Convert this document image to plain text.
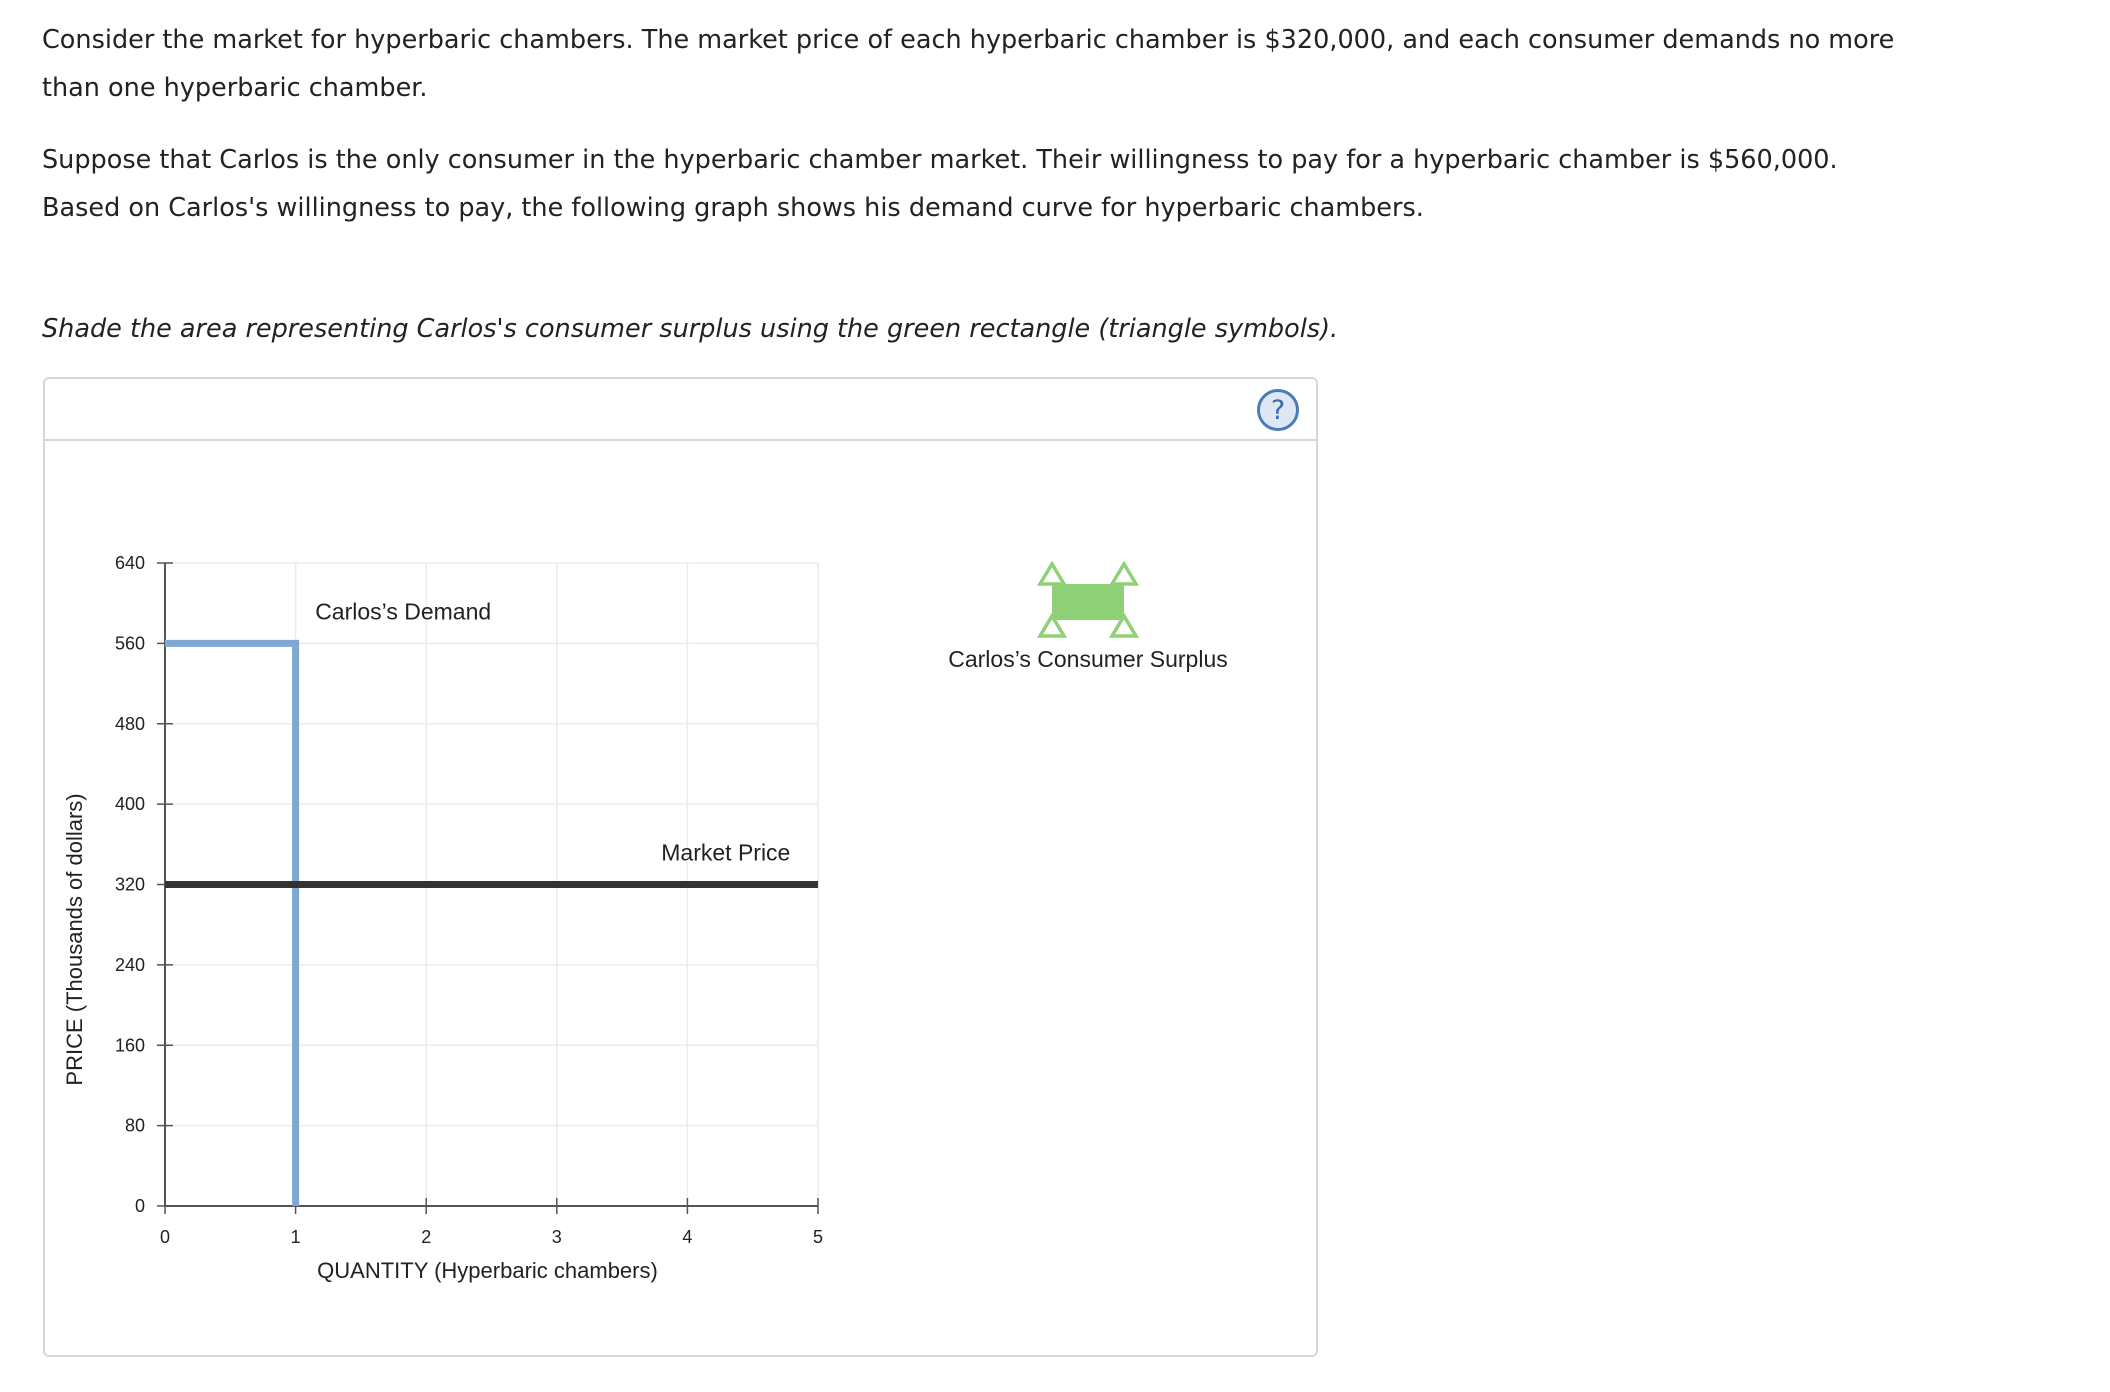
Consider the market for hyperbaric chambers. The market price of each hyperbaric chamber is $320,000, and each consumer demands no more than one hyperbaric chamber.

Suppose that Carlos is the only consumer in the hyperbaric chamber market. Their willingness to pay for a hyperbaric chamber is $560,000. Based on Carlos's willingness to pay, the following graph shows his demand curve for hyperbaric chambers.

Shade the area representing Carlos's consumer surplus using the green rectangle (triangle symbols).

?
0
80
160
240
320
400
480
560
640
0	1	2	3	4	5
QUANTITY (Hyperbaric chambers)
PRICE (Thousands of dollars)
Carlos’s Demand
Market Price
Carlos’s Consumer Surplus
